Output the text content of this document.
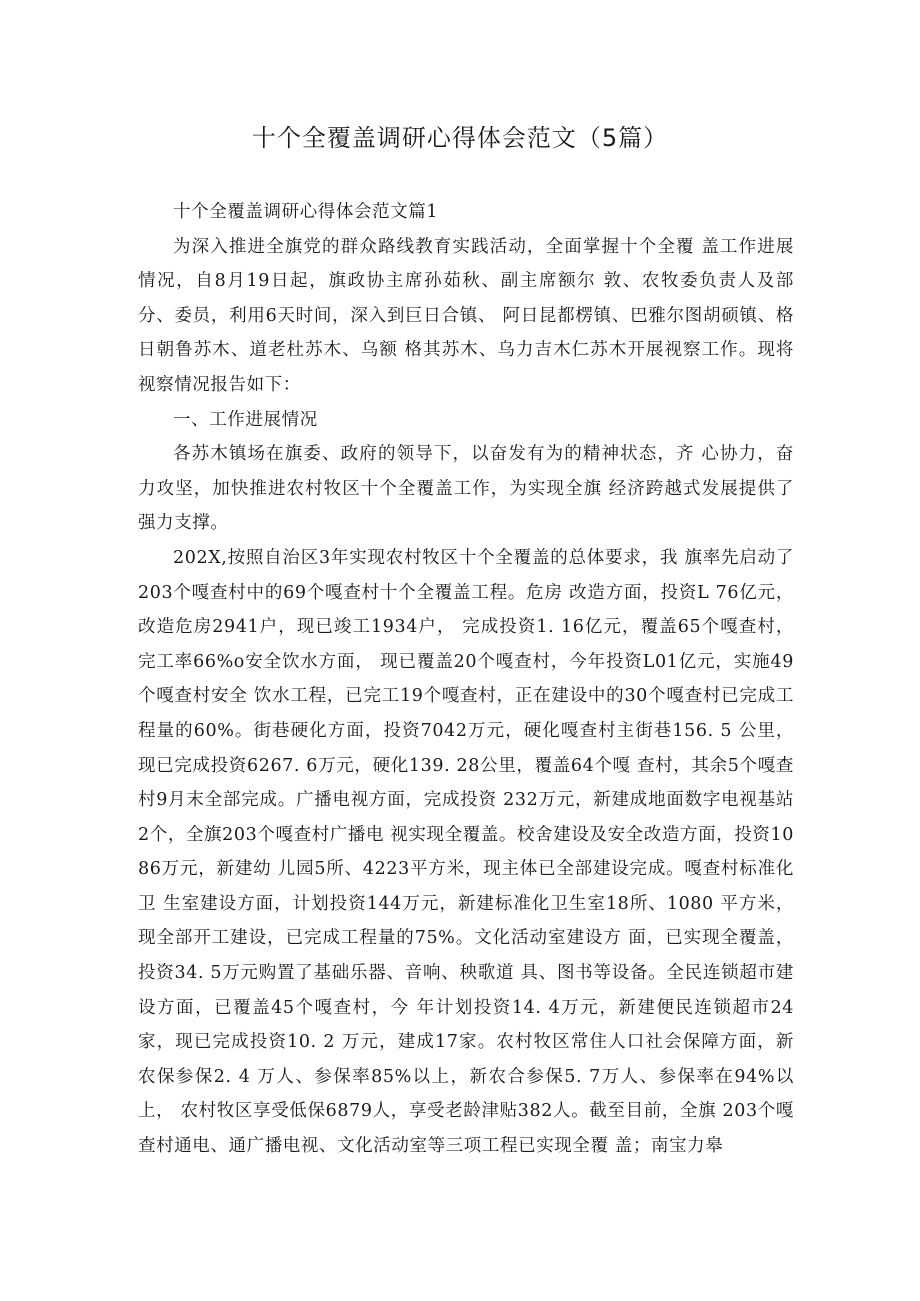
十个全覆盖调研心得体会范文（5篇）

十个全覆盖调研心得体会范文篇1

为深入推进全旗党的群众路线教育实践活动，全面掌握十个全覆 盖工作进展情况，自8月19日起，旗政协主席孙茹秋、副主席额尔 敦、农牧委负责人及部分、委员，利用6天时间，深入到巨日合镇、 阿日昆都楞镇、巴雅尔图胡硕镇、格日朝鲁苏木、道老杜苏木、乌额 格其苏木、乌力吉木仁苏木开展视察工作。现将视察情况报告如下：

一、工作进展情况

各苏木镇场在旗委、政府的领导下，以奋发有为的精神状态，齐 心协力，奋力攻坚，加快推进农村牧区十个全覆盖工作，为实现全旗 经济跨越式发展提供了强力支撑。

202X,按照自治区3年实现农村牧区十个全覆盖的总体要求，我 旗率先启动了 203个嘎查村中的69个嘎查村十个全覆盖工程。危房 改造方面，投资L 76亿元，改造危房2941户，现已竣工1934户， 完成投资1. 16亿元，覆盖65个嘎查村，完工率66%o安全饮水方面， 现已覆盖20个嘎查村，今年投资L01亿元，实施49个嘎查村安全 饮水工程，已完工19个嘎查村，正在建设中的30个嘎查村已完成工 程量的60%。街巷硬化方面，投资7042万元，硬化嘎查村主街巷156. 5 公里，现已完成投资6267. 6万元，硬化139. 28公里，覆盖64个嘎 查村，其余5个嘎查村9月末全部完成。广播电视方面，完成投资 232万元，新建成地面数字电视基站2个，全旗203个嘎查村广播电 视实现全覆盖。校舍建设及安全改造方面，投资1086万元，新建幼 儿园5所、4223平方米，现主体已全部建设完成。嘎查村标准化卫 生室建设方面，计划投资144万元，新建标准化卫生室18所、1080 平方米，现全部开工建设，已完成工程量的75%。文化活动室建设方 面，已实现全覆盖，投资34. 5万元购置了基础乐器、音响、秧歌道 具、图书等设备。全民连锁超市建设方面，已覆盖45个嘎查村，今 年计划投资14. 4万元，新建便民连锁超市24家，现已完成投资10. 2 万元，建成17家。农村牧区常住人口社会保障方面，新农保参保2. 4 万人、参保率85%以上，新农合参保5. 7万人、参保率在94%以上， 农村牧区享受低保6879人，享受老龄津贴382人。截至目前，全旗 203个嘎查村通电、通广播电视、文化活动室等三项工程已实现全覆 盖；南宝力皋
